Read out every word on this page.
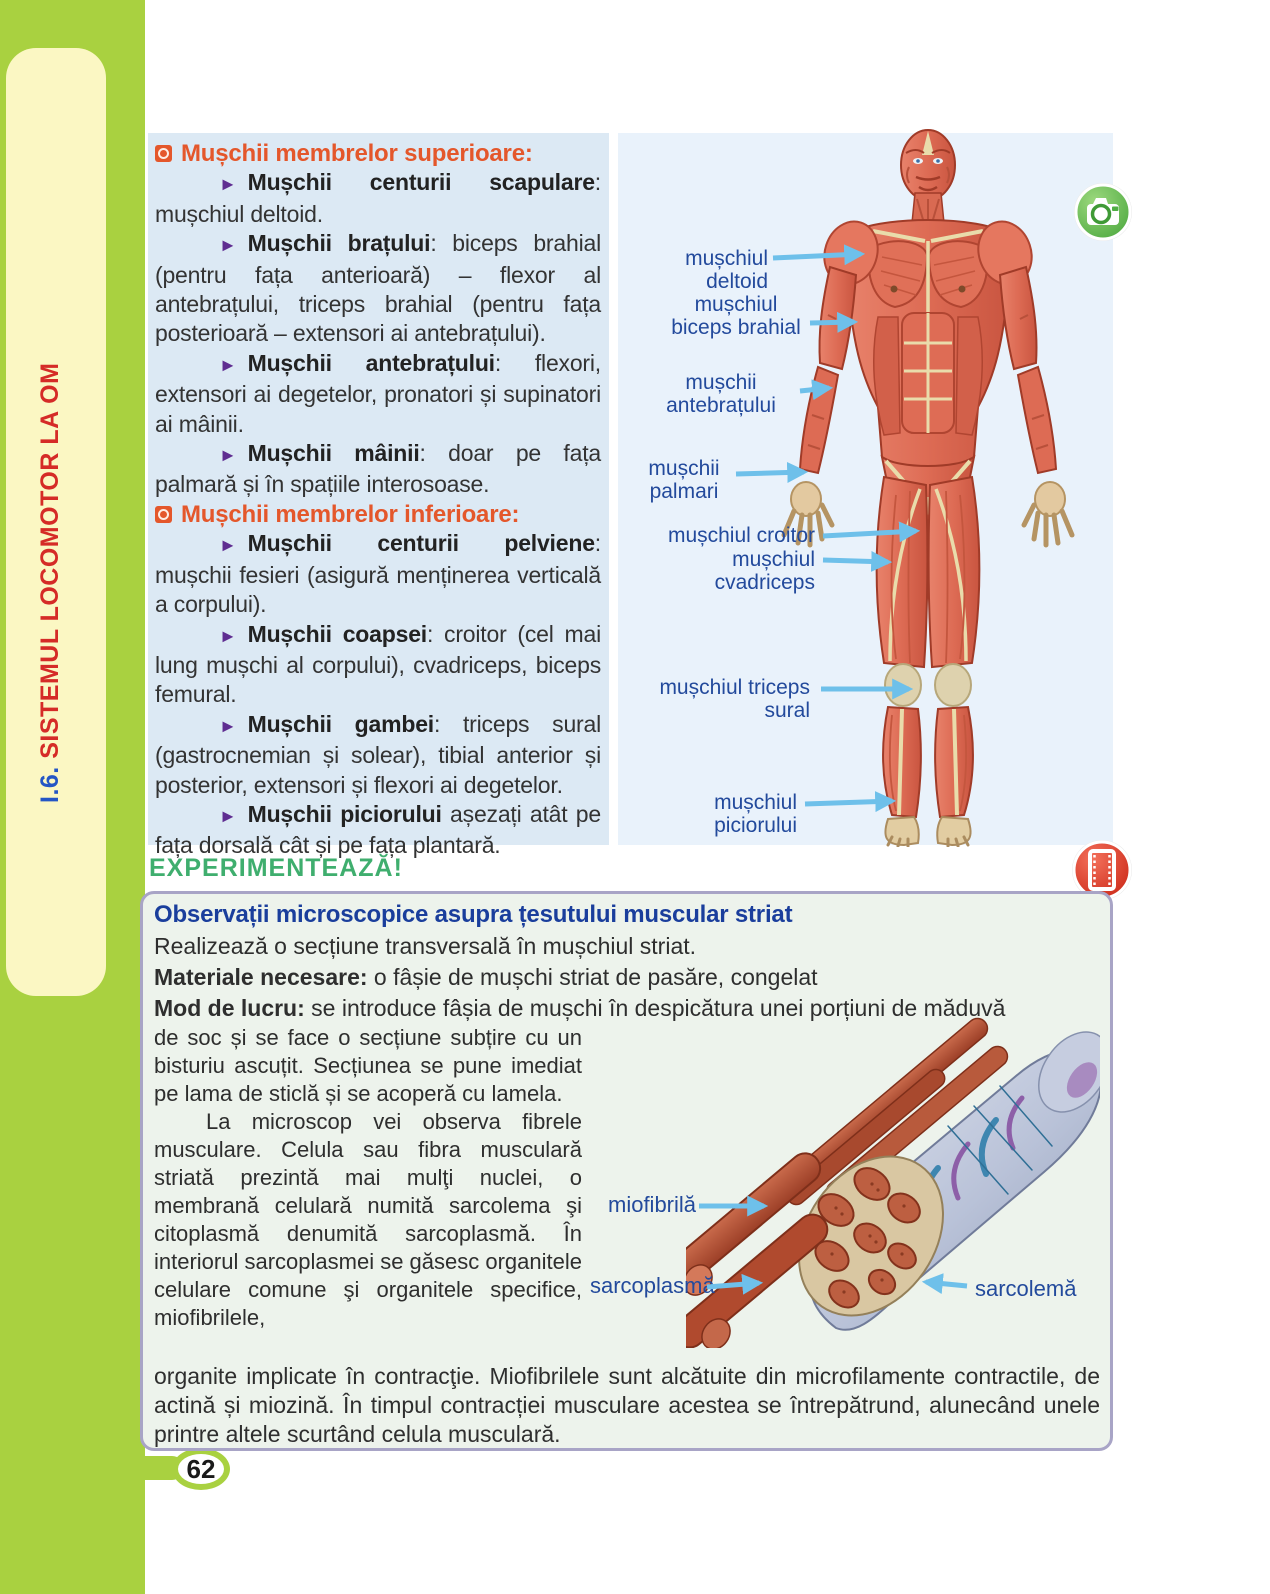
I.6. SISTEMUL LOCOMOTOR LA OM
62

Mușchii membrelor superioare:

► Mușchii centurii scapulare: mușchiul deltoid.

► Mușchii brațului: biceps brahial (pentru fața anterioară) – flexor al antebrațului, triceps brahial (pentru fața posterioară – extensori ai antebrațului).

► Mușchii antebrațului: flexori, extensori ai degetelor, pronatori și supinatori ai mâinii.

► Mușchii mâinii: doar pe fața palmară și în spațiile interosoase.

Mușchii membrelor inferioare:

► Mușchii centurii pelviene: mușchii fesieri (asigură menținerea verticală a corpului).

► Mușchii coapsei: croitor (cel mai lung mușchi al corpului), cvadriceps, biceps femural.

► Mușchii gambei: triceps sural (gastrocnemian și solear), tibial anterior și posterior, extensori și flexori ai degetelor.

► Mușchii piciorului așezați atât pe fața dorsală cât și pe fața plantară.

mușchiul deltoid
mușchiul
biceps brahial
mușchii
antebrațului
mușchii
palmari
mușchiul croitor
mușchiul cvadriceps
mușchiul triceps sural
mușchiul piciorului
EXPERIMENTEAZĂ!

Observații microscopice asupra țesutului muscular striat

Realizează o secțiune transversală în mușchiul striat.

Materiale necesare: o fâșie de mușchi striat de pasăre, congelat

Mod de lucru: se introduce fâșia de mușchi în despicătura unei porțiuni de măduvă

de soc și se face o secțiune subțire cu un bisturiu ascuțit. Secțiunea se pune imediat pe lama de sticlă și se acoperă cu lamela.

La microscop vei observa fibrele musculare. Celula sau fibra musculară striată prezintă mai mulţi nuclei, o membrană celulară numită sarcolema şi citoplasmă denumită sarcoplasmă. În interiorul sarcoplasmei se găsesc organitele celulare comune şi organitele specifice, miofibrilele,

miofibrilă
sarcoplasmă	sarcolemă

organite implicate în contracţie. Miofibrilele sunt alcătuite din microfilamente contractile, de actină și miozină. În timpul contracției musculare acestea se întrepătrund, alunecând unele printre altele scurtând celula musculară.
